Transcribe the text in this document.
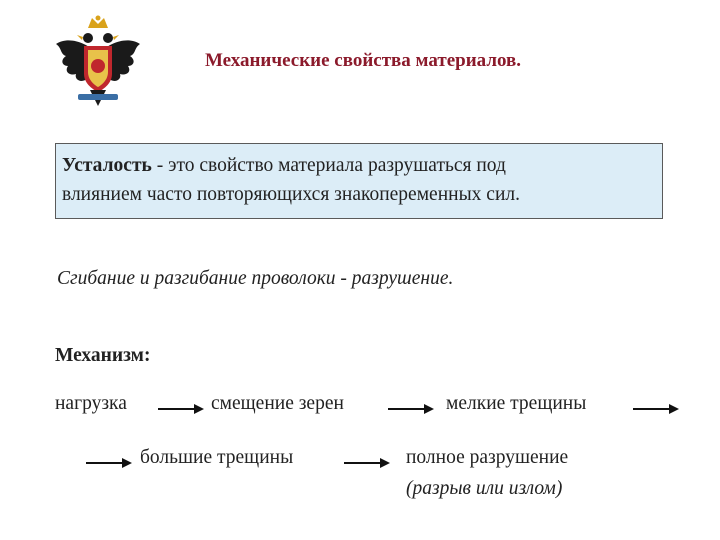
Механические свойства материалов.
Усталость - это свойство материала разрушаться под
влиянием часто повторяющихся знакопеременных сил.
Сгибание и разгибание проволоки - разрушение.
Механизм:
нагрузка	смещение зерен	мелкие трещины
большие трещины	полное разрушение
(разрыв или излом)
